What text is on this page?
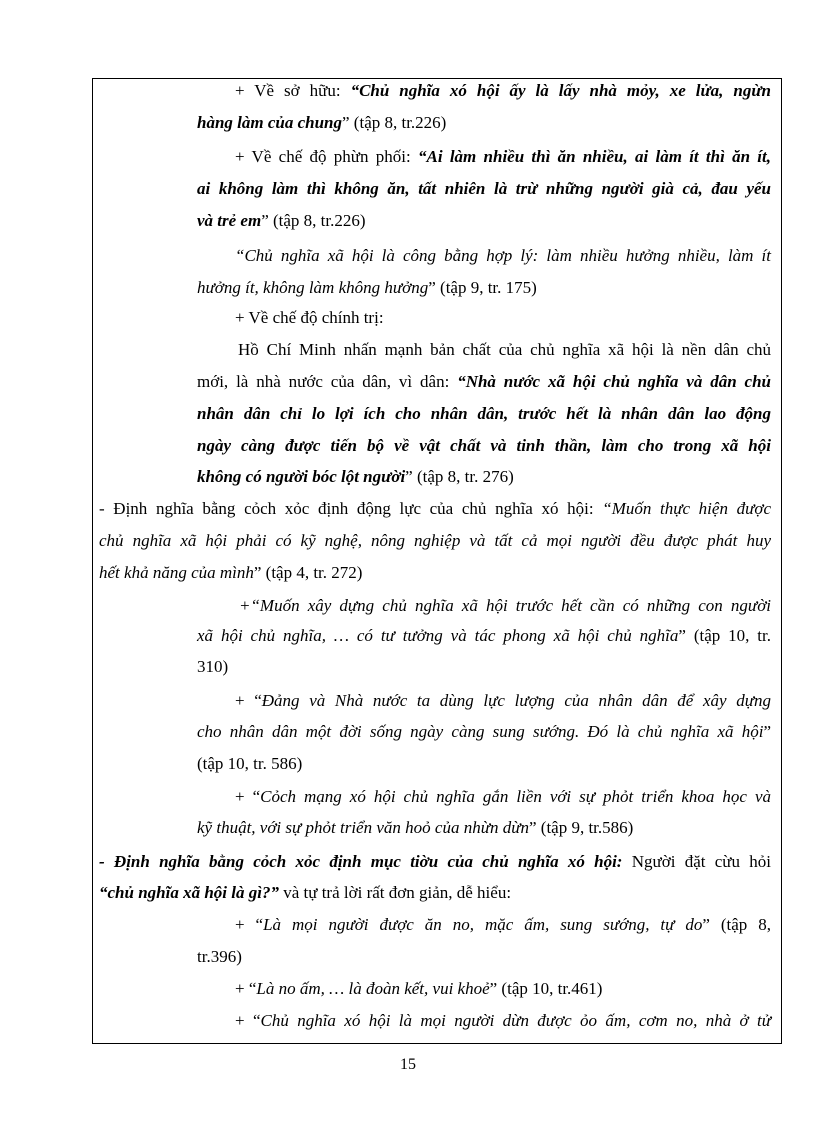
+ Về sở hữu: “Chủ nghĩa xó hội ấy là lấy nhà mỏy, xe lửa, ngừn
hàng làm của chung” (tập 8, tr.226)
+ Về chế độ phừn phối: “Ai làm nhiều thì ăn nhiều, ai làm ít thì ăn ít,
ai không làm thì không ăn, tất nhiên là trừ những người già cả, đau yếu
và trẻ em” (tập 8, tr.226)
“Chủ nghĩa xã hội là công bằng hợp lý: làm nhiều hưởng nhiều, làm ít
hưởng ít, không làm không hưởng” (tập 9, tr. 175)
+ Về chế độ chính trị:
Hồ Chí Minh nhấn mạnh bản chất của chủ nghĩa xã hội là nền dân chủ
mới, là nhà nước của dân, vì dân: “Nhà nước xã hội chủ nghĩa và dân chủ
nhân dân chỉ lo lợi ích cho nhân dân, trước hết là nhân dân lao động
ngày càng được tiến bộ về vật chất và tinh thần, làm cho trong xã hội
không có người bóc lột người” (tập 8, tr. 276)
- Định nghĩa bằng cỏch xỏc định động lực của chủ nghĩa xó hội: “Muốn thực hiện được
chủ nghĩa xã hội phải có kỹ nghệ, nông nghiệp và tất cả mọi người đều được phát huy
hết khả năng của mình” (tập 4, tr. 272)
+“Muốn xây dựng chủ nghĩa xã hội trước hết cần có những con người
xã hội chủ nghĩa, … có tư tưởng và tác phong xã hội chủ nghĩa” (tập 10, tr.
310)
+ “Đảng và Nhà nước ta dùng lực lượng của nhân dân để xây dựng
cho nhân dân một đời sống ngày càng sung sướng. Đó là chủ nghĩa xã hội”
(tập 10, tr. 586)
+ “Cỏch mạng xó hội chủ nghĩa gắn liền với sự phỏt triển khoa học và
kỹ thuật, với sự phỏt triển văn hoỏ của nhừn dừn” (tập 9, tr.586)
- Định nghĩa bằng cỏch xỏc định mục tiờu của chủ nghĩa xó hội: Người đặt cừu hỏi
“chủ nghĩa xã hội là gì?” và tự trả lời rất đơn giản, dễ hiểu:
+ “Là mọi người được ăn no, mặc ấm, sung sướng, tự do” (tập 8,
tr.396)
+ “Là no ấm, … là đoàn kết, vui khoẻ” (tập 10, tr.461)
+ “Chủ nghĩa xó hội là mọi người dừn được ỏo ấm, cơm no, nhà ở tử
15
